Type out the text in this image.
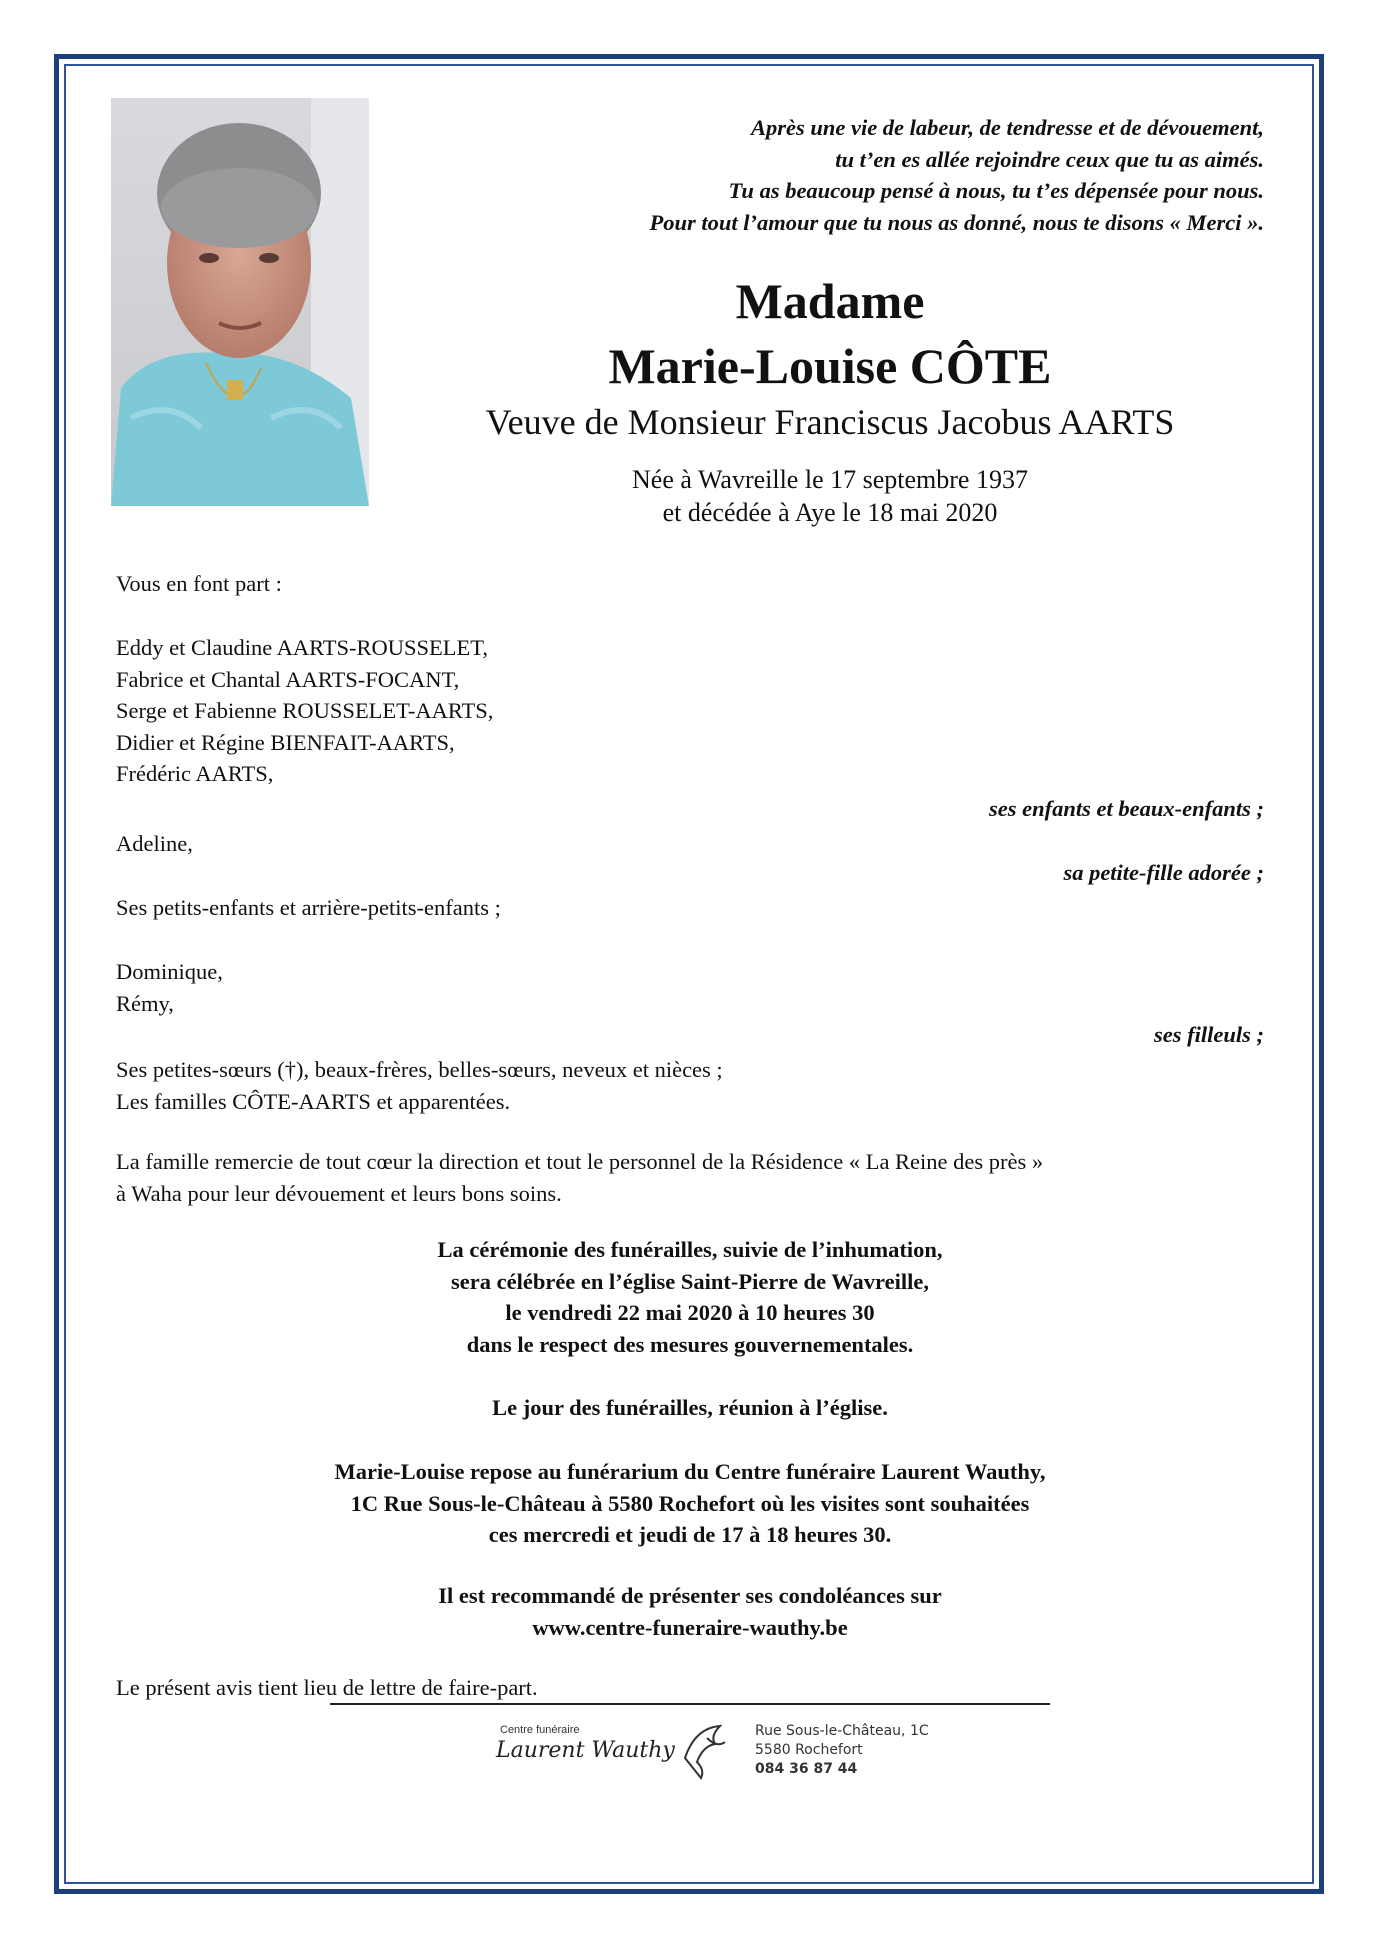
Après une vie de labeur, de tendresse et de dévouement,
tu t’en es allée rejoindre ceux que tu as aimés.
Tu as beaucoup pensé à nous, tu t’es dépensée pour nous.
Pour tout l’amour que tu nous as donné, nous te disons « Merci ».
Madame
Marie-Louise CÔTE
Veuve de Monsieur Franciscus Jacobus AARTS
Née à Wavreille le 17 septembre 1937
et décédée à Aye le 18 mai 2020
Vous en font part :
Eddy et Claudine AARTS-ROUSSELET,
Fabrice et Chantal AARTS-FOCANT,
Serge et Fabienne ROUSSELET-AARTS,
Didier et Régine BIENFAIT-AARTS,
Frédéric AARTS,
ses enfants et beaux-enfants ;
Adeline,
sa petite-fille adorée ;
Ses petits-enfants et arrière-petits-enfants ;
Dominique,
Rémy,
ses filleuls ;
Ses petites-sœurs (†), beaux-frères, belles-sœurs, neveux et nièces ;
Les familles CÔTE-AARTS et apparentées.
La famille remercie de tout cœur la direction et tout le personnel de la Résidence « La Reine des près »
à Waha pour leur dévouement et leurs bons soins.
La cérémonie des funérailles, suivie de l’inhumation,
sera célébrée en l’église Saint-Pierre de Wavreille,
le vendredi 22 mai 2020 à 10 heures 30
dans le respect des mesures gouvernementales.
Le jour des funérailles, réunion à l’église.
Marie-Louise repose au funérarium du Centre funéraire Laurent Wauthy,
1C Rue Sous-le-Château à 5580 Rochefort où les visites sont souhaitées
ces mercredi et jeudi de 17 à 18 heures 30.
Il est recommandé de présenter ses condoléances sur
www.centre-funeraire-wauthy.be
Le présent avis tient lieu de lettre de faire-part.
Centre funéraire
Laurent Wauthy
Rue Sous-le-Château, 1C
5580 Rochefort
084 36 87 44
